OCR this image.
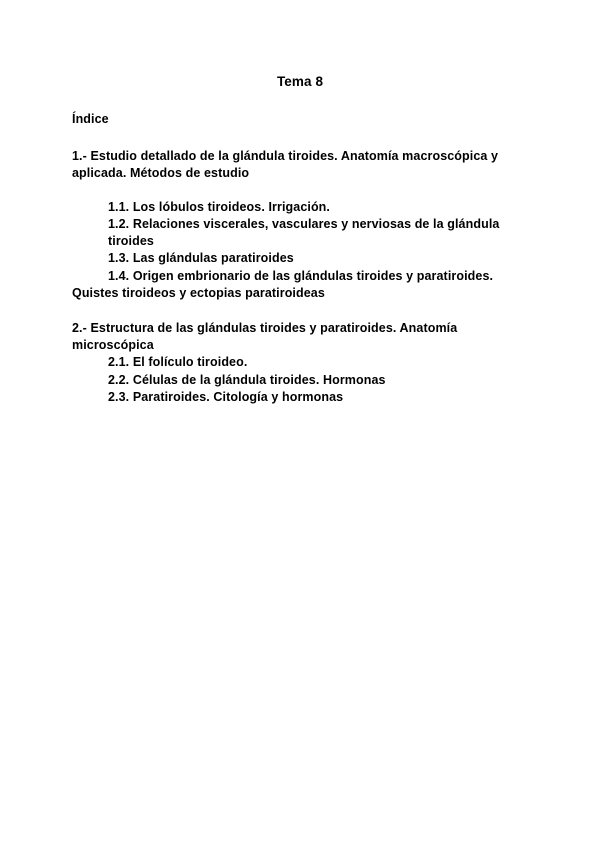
Tema 8
Índice
1.- Estudio detallado de la glándula tiroides. Anatomía macroscópica y
aplicada. Métodos de estudio
1.1. Los lóbulos tiroideos. Irrigación.
1.2. Relaciones viscerales, vasculares y nerviosas de la glándula
tiroides
1.3. Las glándulas paratiroides
1.4. Origen embrionario de las glándulas tiroides y paratiroides.
Quistes tiroideos y ectopias paratiroideas
2.- Estructura de las glándulas tiroides y paratiroides. Anatomía
microscópica
2.1. El folículo tiroideo.
2.2. Células de la glándula tiroides. Hormonas
2.3. Paratiroides. Citología y hormonas
